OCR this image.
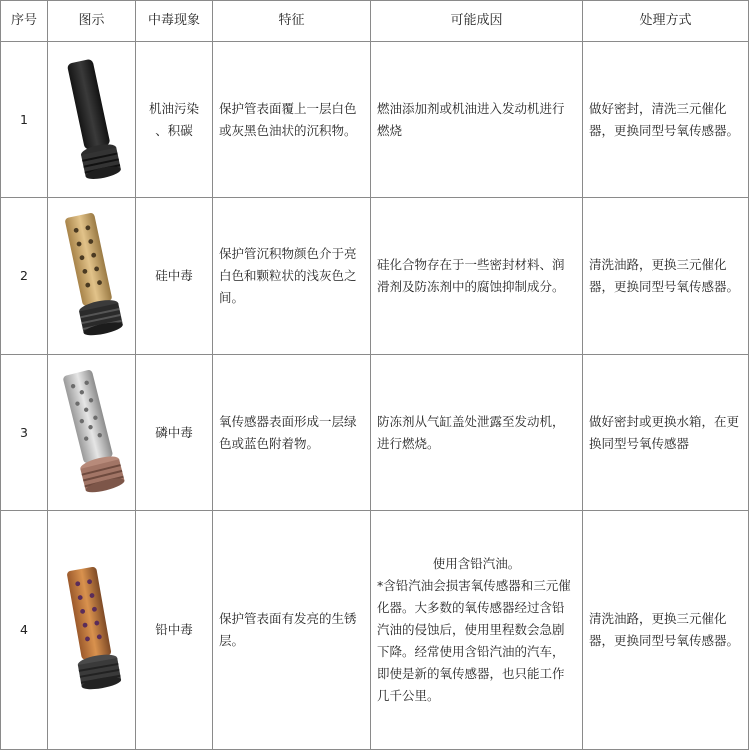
序号	图示	中毒现象	特征	可能成因	处理方式
1		机油污染 、积碳	保护管表面覆上一层白色或灰黑色油状的沉积物。	燃油添加剂或机油进入发动机进行燃烧	做好密封，清洗三元催化器，更换同型号氧传感器。
2		硅中毒	保护管沉积物颜色介于亮白色和颗粒状的浅灰色之间。	硅化合物存在于一些密封材料、润滑剂及防冻剂中的腐蚀抑制成分。	清洗油路，更换三元催化器，更换同型号氧传感器。
3		磷中毒	氧传感器表面形成一层绿色或蓝色附着物。	防冻剂从气缸盖处泄露至发动机，进行燃烧。	做好密封或更换水箱，在更换同型号氧传感器
4		铅中毒	保护管表面有发亮的生锈层。	使用含铅汽油。
*含铅汽油会损害氧传感器和三元催化器。大多数的氧传感器经过含铅汽油的侵蚀后，使用里程数会急剧下降。经常使用含铅汽油的汽车，即使是新的氧传感器，也只能工作几千公里。	清洗油路，更换三元催化器，更换同型号氧传感器。
